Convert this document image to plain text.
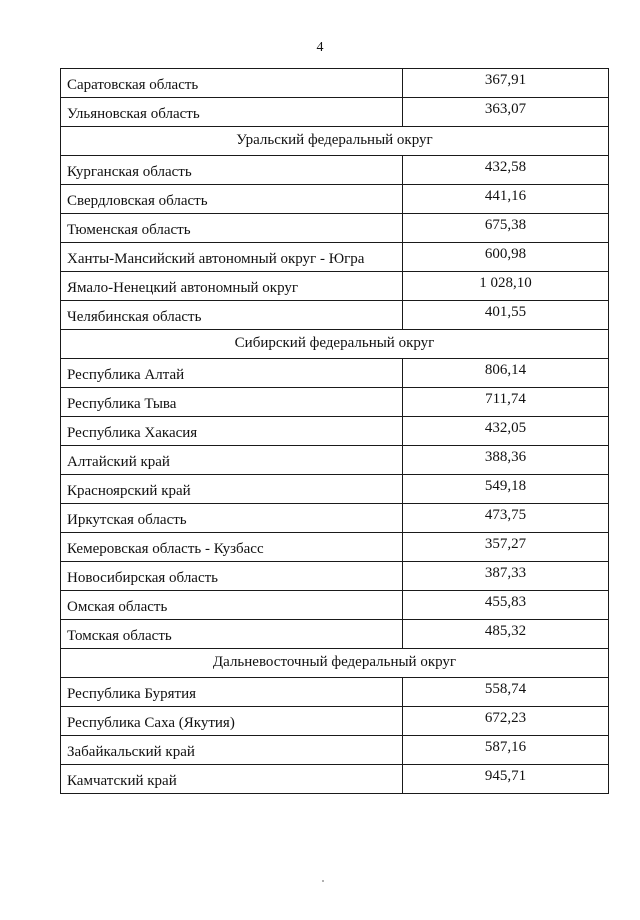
4
Саратовская область	367,91
Ульяновская область	363,07
Уральский федеральный округ	
Курганская область	432,58
Свердловская область	441,16
Тюменская область	675,38
Ханты-Мансийский автономный округ - Югра	600,98
Ямало-Ненецкий автономный округ	1 028,10
Челябинская область	401,55
Сибирский федеральный округ	
Республика Алтай	806,14
Республика Тыва	711,74
Республика Хакасия	432,05
Алтайский край	388,36
Красноярский край	549,18
Иркутская область	473,75
Кемеровская область - Кузбасс	357,27
Новосибирская область	387,33
Омская область	455,83
Томская область	485,32
Дальневосточный федеральный округ	
Республика Бурятия	558,74
Республика Саха (Якутия)	672,23
Забайкальский край	587,16
Камчатский край	945,71
